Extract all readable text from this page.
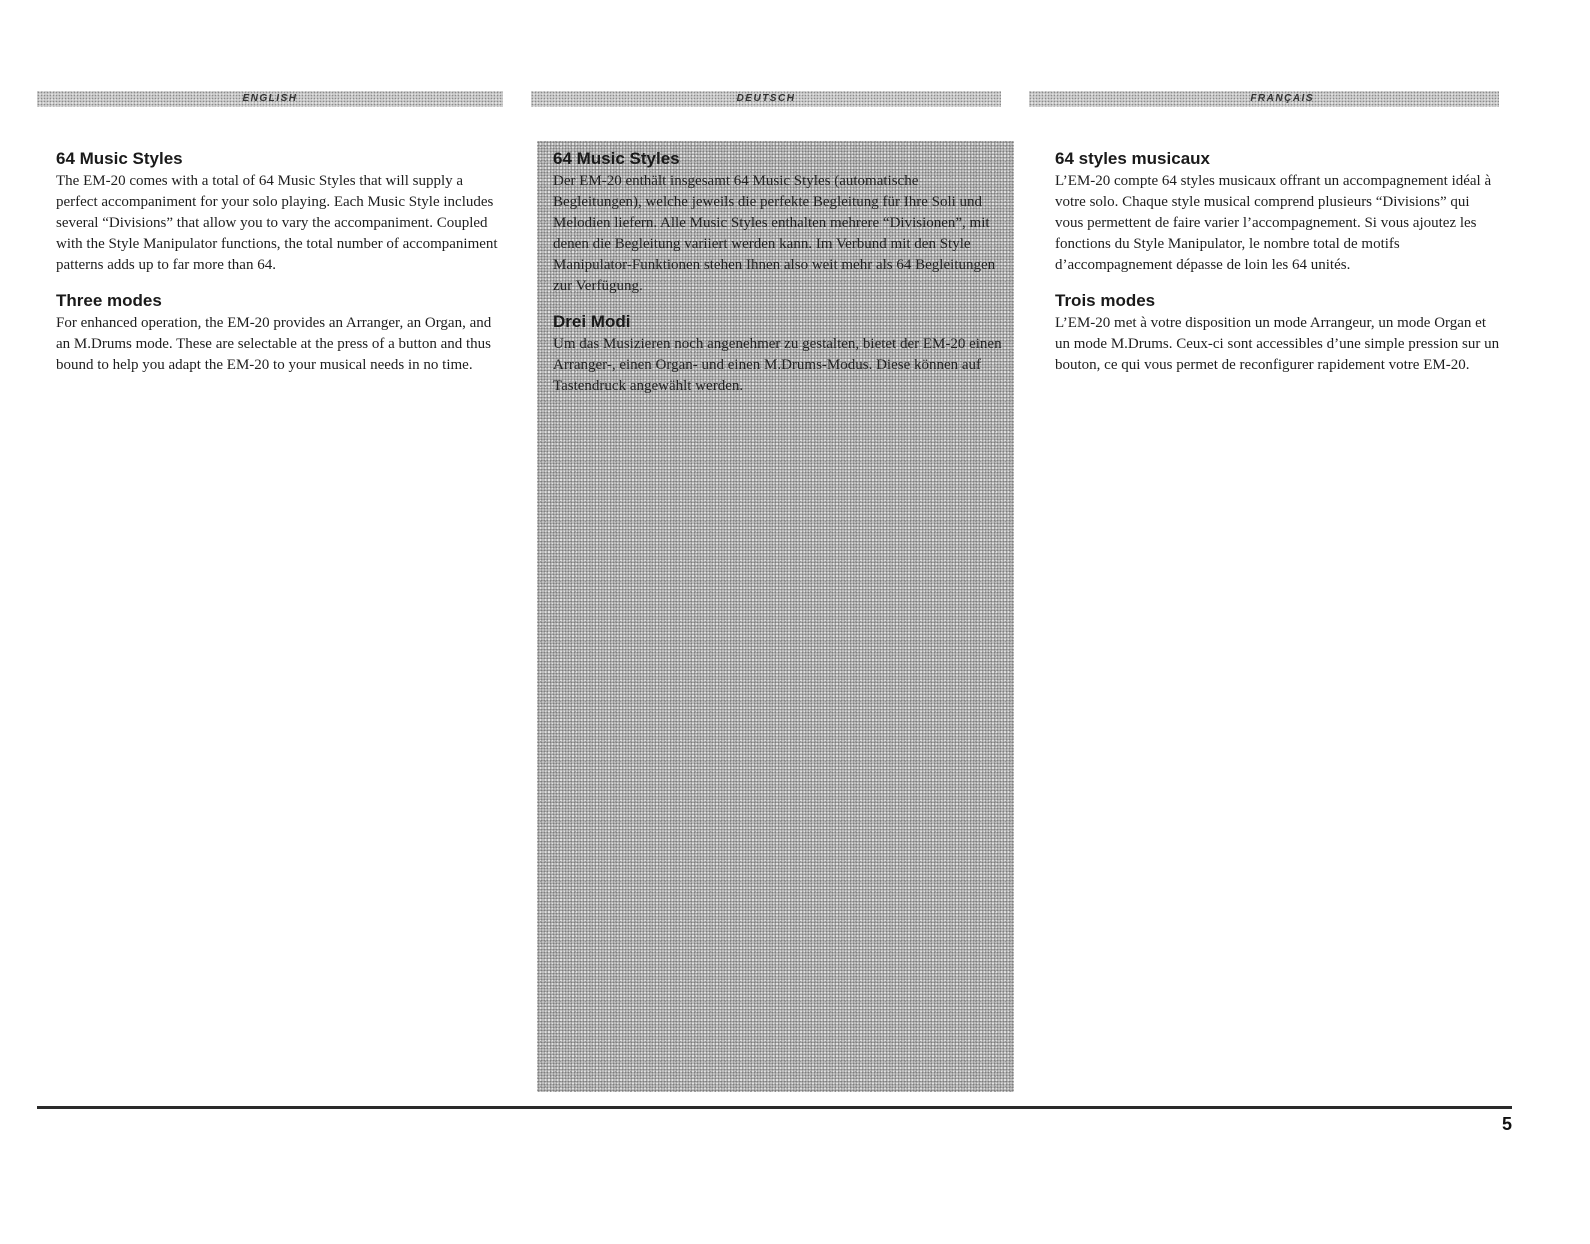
ENGLISH	DEUTSCH	FRANÇAIS
64 Music Styles

The EM-20 comes with a total of 64 Music Styles that will supply a perfect accompaniment for your solo playing. Each Music Style includes several “Divisions” that allow you to vary the accompaniment. Coupled with the Style Manipulator functions, the total number of accompaniment patterns adds up to far more than 64.

Three modes

For enhanced operation, the EM-20 provides an Arranger, an Organ, and an M.Drums mode. These are selectable at the press of a button and thus bound to help you adapt the EM-20 to your musical needs in no time.

64 Music Styles

Der EM-20 enthält insgesamt 64 Music Styles (automatische Begleitungen), welche jeweils die perfekte Begleitung für Ihre Soli und Melodien liefern. Alle Music Styles enthalten mehrere “Divisionen”, mit denen die Begleitung variiert werden kann. Im Verbund mit den Style Manipulator-Funktionen stehen Ihnen also weit mehr als 64 Begleitungen zur Verfügung.

Drei Modi

Um das Musizieren noch angenehmer zu gestalten, bietet der EM-20 einen Arranger-, einen Organ- und einen M.Drums-Modus. Diese können auf Tastendruck angewählt werden.

64 styles musicaux

L’EM-20 compte 64 styles musicaux offrant un accompagnement idéal à votre solo. Chaque style musical comprend plusieurs “Divisions” qui vous permettent de faire varier l’accompagnement. Si vous ajoutez les fonctions du Style Manipulator, le nombre total de motifs d’accompagnement dépasse de loin les 64 unités.

Trois modes

L’EM-20 met à votre disposition un mode Arrangeur, un mode Organ et un mode M.Drums. Ceux-ci sont accessibles d’une simple pression sur un bouton, ce qui vous permet de reconfigurer rapidement votre EM-20.

5
